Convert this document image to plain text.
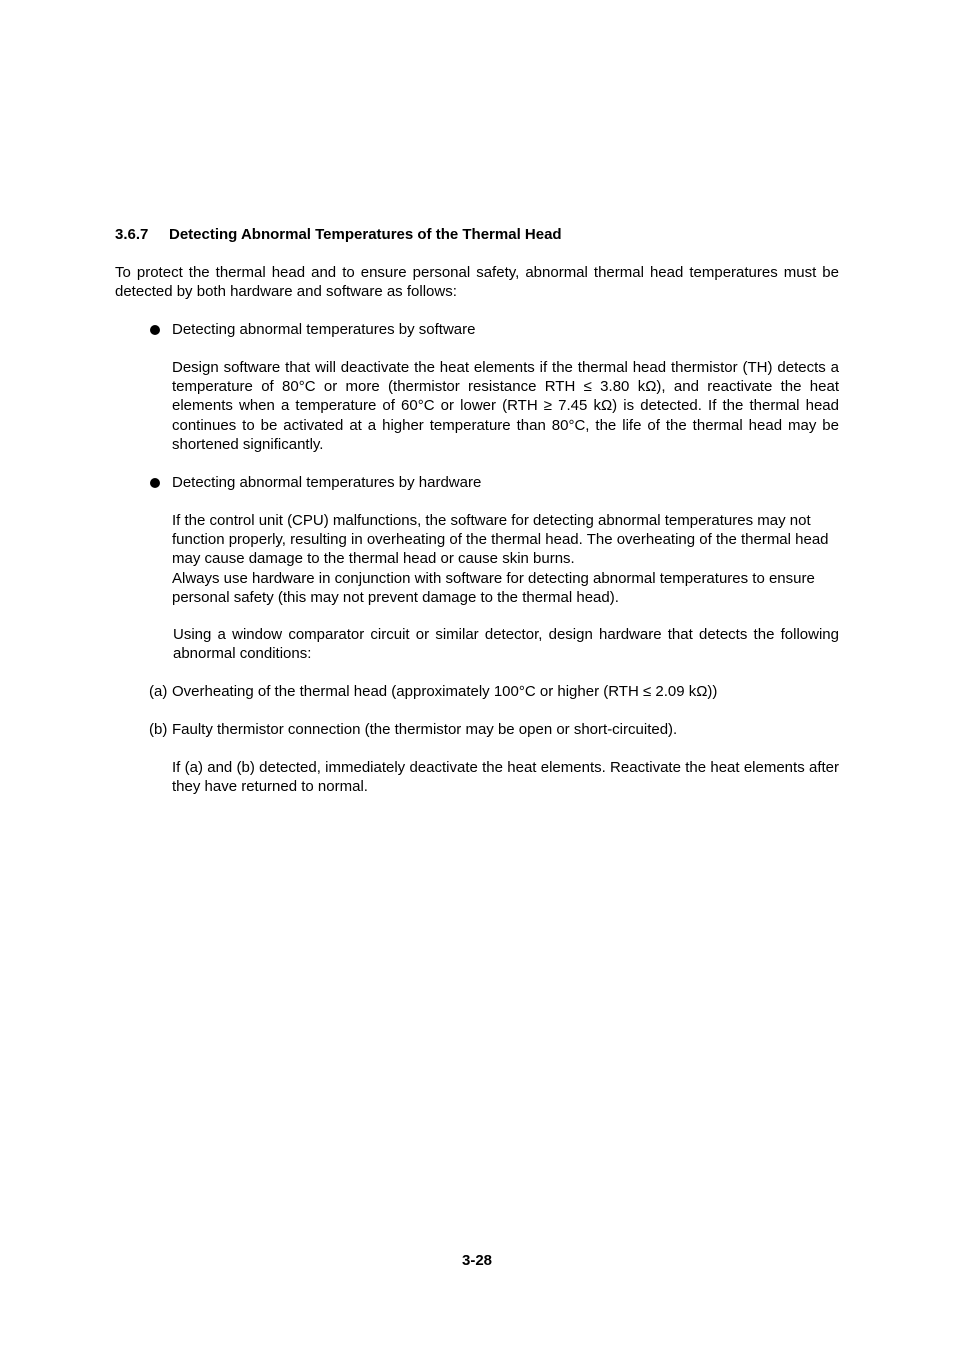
3.6.7 Detecting Abnormal Temperatures of the Thermal Head
To protect the thermal head and to ensure personal safety, abnormal thermal head temperatures must be detected by both hardware and software as follows:
Detecting abnormal temperatures by software
Design software that will deactivate the heat elements if the thermal head thermistor (TH) detects a temperature of 80°C or more (thermistor resistance RTH ≤ 3.80 kΩ), and reactivate the heat elements when a temperature of 60°C or lower (RTH ≥ 7.45 kΩ) is detected. If the thermal head continues to be activated at a higher temperature than 80°C, the life of the thermal head may be shortened significantly.
Detecting abnormal temperatures by hardware
If the control unit (CPU) malfunctions, the software for detecting abnormal temperatures may not function properly, resulting in overheating of the thermal head. The overheating of the thermal head may cause damage to the thermal head or cause skin burns.
Always use hardware in conjunction with software for detecting abnormal temperatures to ensure personal safety (this may not prevent damage to the thermal head).
Using a window comparator circuit or similar detector, design hardware that detects the following abnormal conditions:
(a) Overheating of the thermal head (approximately 100°C or higher (RTH ≤ 2.09 kΩ))
(b) Faulty thermistor connection (the thermistor may be open or short-circuited).
If (a) and (b) detected, immediately deactivate the heat elements. Reactivate the heat elements after they have returned to normal.
3-28
